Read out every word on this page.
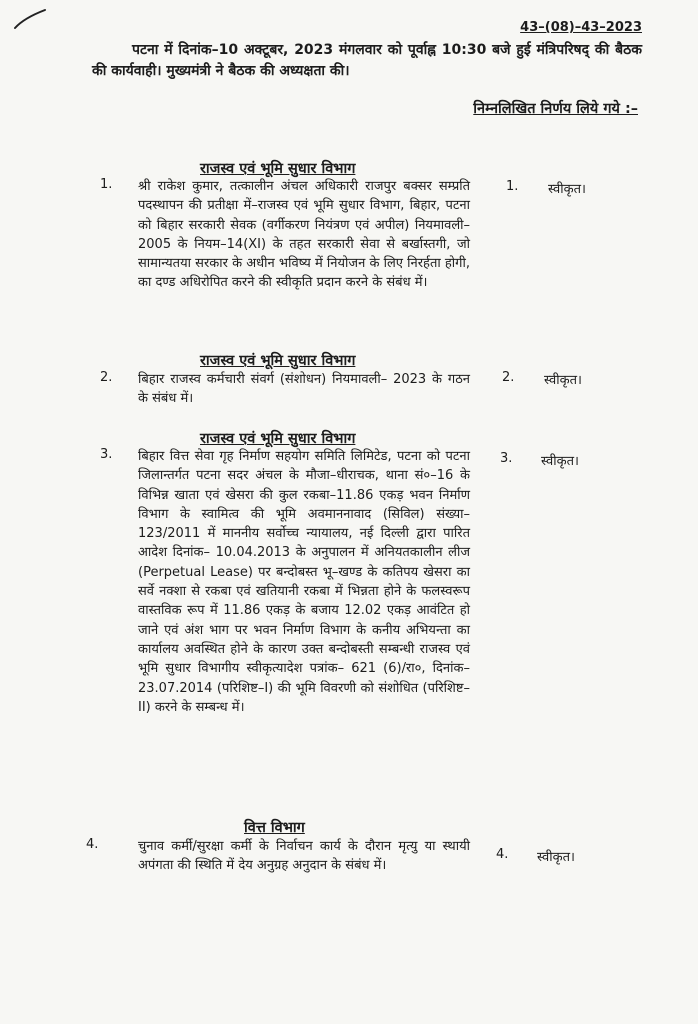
43–(08)–43–2023
पटना में दिनांक–10 अक्टूबर, 2023 मंगलवार को पूर्वाह्न 10:30 बजे हुई मंत्रिपरिषद् की बैठक की कार्यवाही। मुख्यमंत्री ने बैठक की अध्यक्षता की।
निम्नलिखित निर्णय लिये गये :–
राजस्व एवं भूमि सुधार विभाग
1. श्री राकेश कुमार, तत्कालीन अंचल अधिकारी राजपुर बक्सर सम्प्रति पदस्थापन की प्रतीक्षा में–राजस्व एवं भूमि सुधार विभाग, बिहार, पटना को बिहार सरकारी सेवक (वर्गीकरण नियंत्रण एवं अपील) नियमावली– 2005 के नियम–14(XI) के तहत सरकारी सेवा से बर्खास्तगी, जो सामान्यतया सरकार के अधीन भविष्य में नियोजन के लिए निरर्हता होगी, का दण्ड अधिरोपित करने की स्वीकृति प्रदान करने के संबंध में।
1. स्वीकृत।
राजस्व एवं भूमि सुधार विभाग
2. बिहार राजस्व कर्मचारी संवर्ग (संशोधन) नियमावली– 2023 के गठन के संबंध में।
2. स्वीकृत।
राजस्व एवं भूमि सुधार विभाग
3. बिहार वित्त सेवा गृह निर्माण सहयोग समिति लिमिटेड, पटना को पटना जिलान्तर्गत पटना सदर अंचल के मौजा–धीराचक, थाना सं०–16 के विभिन्न खाता एवं खेसरा की कुल रकबा–11.86 एकड़ भवन निर्माण विभाग के स्वामित्व की भूमि अवमाननावाद (सिविल) संख्या–123/2011 में माननीय सर्वोच्च न्यायालय, नई दिल्ली द्वारा पारित आदेश दिनांक– 10.04.2013 के अनुपालन में अनियतकालीन लीज (Perpetual Lease) पर बन्दोबस्त भू–खण्ड के कतिपय खेसरा का सर्वे नक्शा से रकबा एवं खतियानी रकबा में भिन्नता होने के फलस्वरूप वास्तविक रूप में 11.86 एकड़ के बजाय 12.02 एकड़ आवंटित हो जाने एवं अंश भाग पर भवन निर्माण विभाग के कनीय अभियन्ता का कार्यालय अवस्थित होने के कारण उक्त बन्दोबस्ती सम्बन्धी राजस्व एवं भूमि सुधार विभागीय स्वीकृत्यादेश पत्रांक– 621 (6)/रा०, दिनांक– 23.07.2014 (परिशिष्ट–I) की भूमि विवरणी को संशोधित (परिशिष्ट–II) करने के सम्बन्ध में।
3. स्वीकृत।
वित्त विभाग
4.	चुनाव कर्मी/सुरक्षा कर्मी के निर्वाचन कार्य के दौरान मृत्यु या स्थायी अपंगता की स्थिति में देय अनुग्रह अनुदान के संबंध में।
4. स्वीकृत।
